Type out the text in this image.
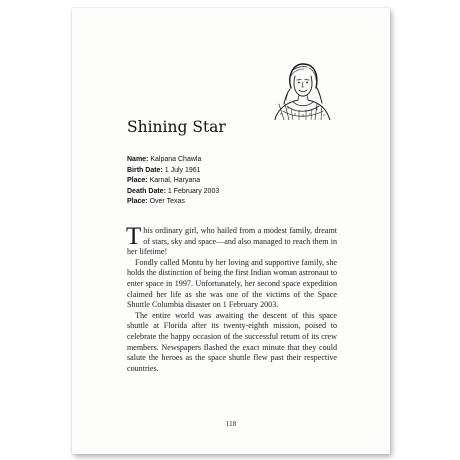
Shining Star
Name: Kalpana Chawla
Birth Date: 1 July 1961
Place: Karnal, Haryana
Death Date: 1 February 2003
Place: Over Texas

This ordinary girl, who hailed from a modest family, dreamt of stars, sky and space—and also managed to reach them in her lifetime!

Fondly called Montu by her loving and supportive family, she holds the distinction of being the first Indian woman astronaut to enter space in 1997. Unfortunately, her second space expedition claimed her life as she was one of the victims of the Space Shuttle Columbia disaster on 1 February 2003.

The entire world was awaiting the descent of this space shuttle at Florida after its twenty-eighth mission, poised to celebrate the happy occasion of the successful return of its crew members. Newspapers flashed the exact minute that they could salute the heroes as the space shuttle flew past their respective countries.

118
